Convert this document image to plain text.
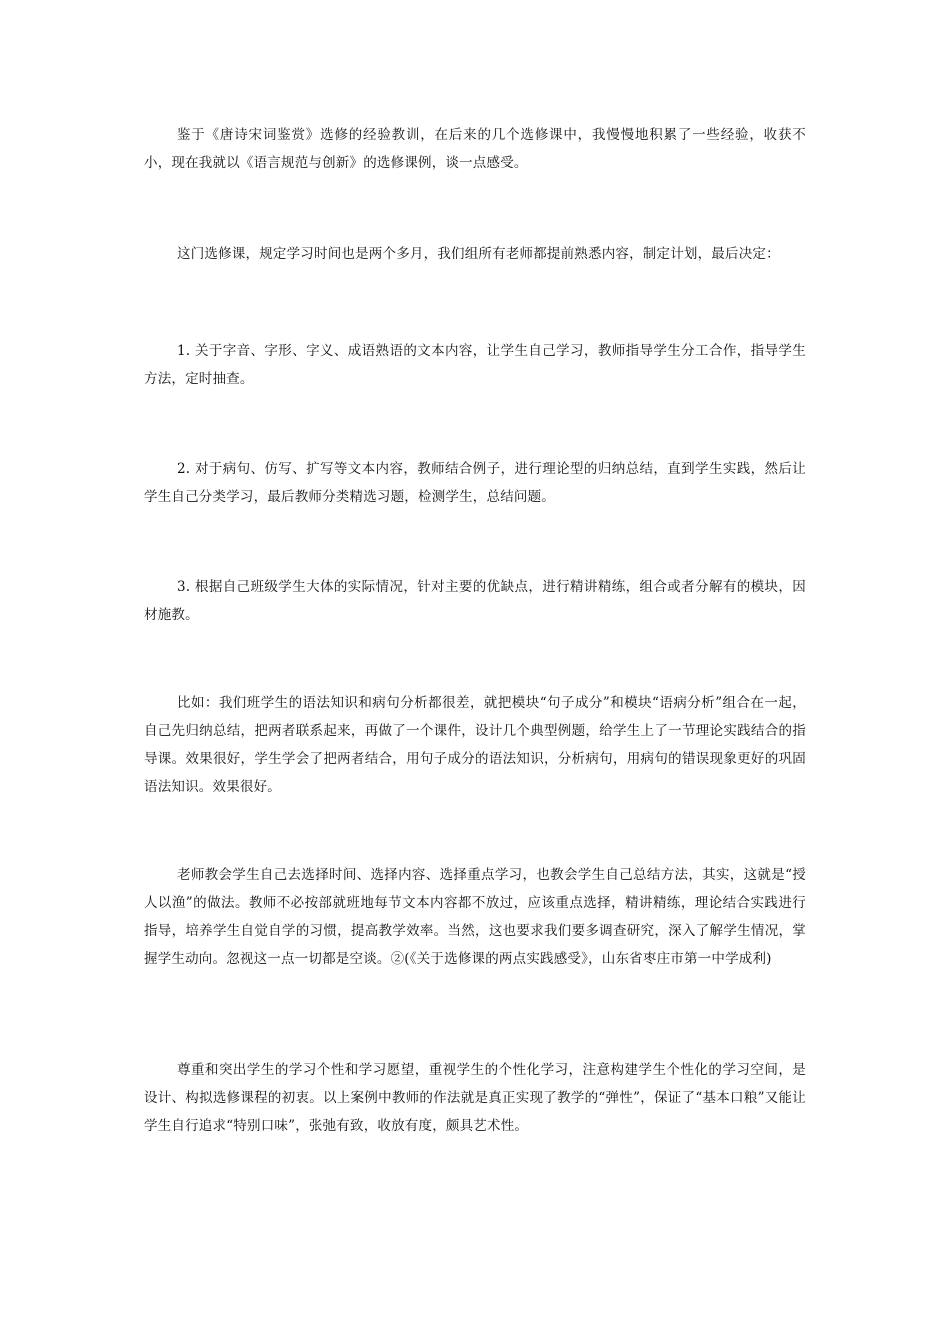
鉴于《唐诗宋词鉴赏》选修的经验教训，在后来的几个选修课中，我慢慢地积累了一些经验，收获不小，现在我就以《语言规范与创新》的选修课例，谈一点感受。

这门选修课，规定学习时间也是两个多月，我们组所有老师都提前熟悉内容，制定计划，最后决定：

1. 关于字音、字形、字义、成语熟语的文本内容，让学生自己学习，教师指导学生分工合作，指导学生方法，定时抽查。

2. 对于病句、仿写、扩写等文本内容，教师结合例子，进行理论型的归纳总结，直到学生实践，然后让学生自己分类学习，最后教师分类精选习题，检测学生，总结问题。

3. 根据自己班级学生大体的实际情况，针对主要的优缺点，进行精讲精练，组合或者分解有的模块，因材施教。

比如：我们班学生的语法知识和病句分析都很差，就把模块“句子成分”和模块“语病分析”组合在一起，自己先归纳总结，把两者联系起来，再做了一个课件，设计几个典型例题，给学生上了一节理论实践结合的指导课。效果很好，学生学会了把两者结合，用句子成分的语法知识，分析病句，用病句的错误现象更好的巩固语法知识。效果很好。

老师教会学生自己去选择时间、选择内容、选择重点学习，也教会学生自己总结方法，其实，这就是“授人以渔”的做法。教师不必按部就班地每节文本内容都不放过，应该重点选择，精讲精练，理论结合实践进行指导，培养学生自觉自学的习惯，提高教学效率。当然，这也要求我们要多调查研究，深入了解学生情况，掌握学生动向。忽视这一点一切都是空谈。②(《关于选修课的两点实践感受》，山东省枣庄市第一中学成利)

尊重和突出学生的学习个性和学习愿望，重视学生的个性化学习，注意构建学生个性化的学习空间，是设计、构拟选修课程的初衷。以上案例中教师的作法就是真正实现了教学的“弹性”，保证了“基本口粮”又能让学生自行追求“特别口味”，张弛有致，收放有度，颇具艺术性。
